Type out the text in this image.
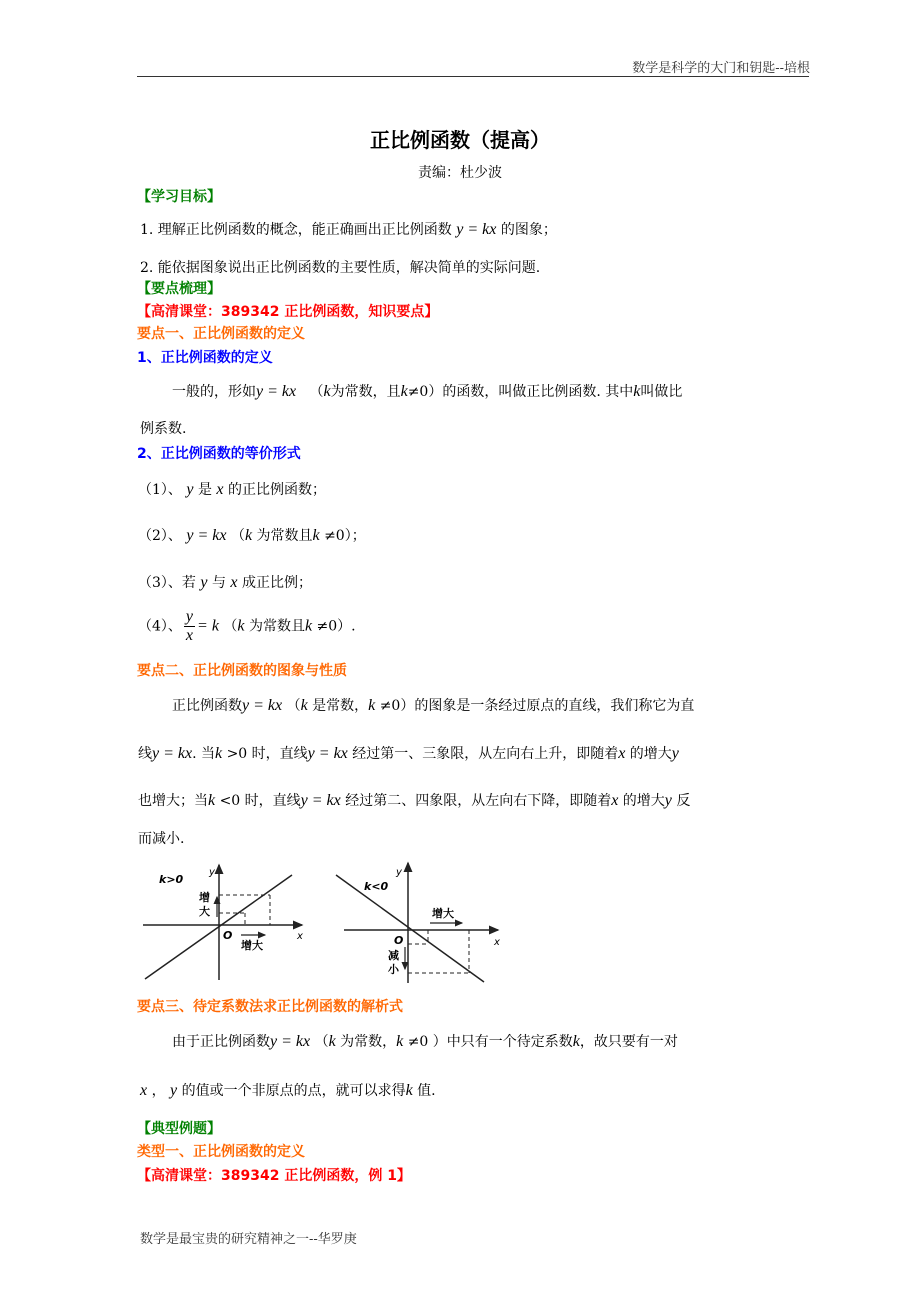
数学是科学的大门和钥匙--培根
正比例函数（提高）
责编：杜少波
【学习目标】
1. 理解正比例函数的概念，能正确画出正比例函数 y = kx 的图象；
2. 能依据图象说出正比例函数的主要性质，解决简单的实际问题.
【要点梳理】
【高清课堂：389342 正比例函数，知识要点】
要点一、正比例函数的定义
1、正比例函数的定义
一般的，形如y = kx （k为常数，且k≠0）的函数，叫做正比例函数. 其中k叫做比
例系数.
2、正比例函数的等价形式
（1）、 y 是 x 的正比例函数；
（2）、 y = kx （k 为常数且k ≠0）；
（3）、若 y 与 x 成正比例；
（4）、 $\frac{y}{x} = k$ （k 为常数且k ≠0）.
要点二、正比例函数的图象与性质
正比例函数y = kx （k 是常数，k ≠0）的图象是一条经过原点的直线，我们称它为直
线y = kx. 当k >0 时，直线y = kx 经过第一、三象限，从左向右上升，即随着x 的增大y
也增大；当k <0 时，直线y = kx 经过第二、四象限，从左向右下降，即随着x 的增大y 反
而减小.
k>0
y
x
O
增
大
增大
k<0
y
x
O
增大
减
小
要点三、待定系数法求正比例函数的解析式
由于正比例函数y = kx （k 为常数，k ≠0 ）中只有一个待定系数k，故只要有一对
x ， y 的值或一个非原点的点，就可以求得k 值.
【典型例题】
类型一、正比例函数的定义
【高清课堂：389342 正比例函数，例 1】
数学是最宝贵的研究精神之一--华罗庚
